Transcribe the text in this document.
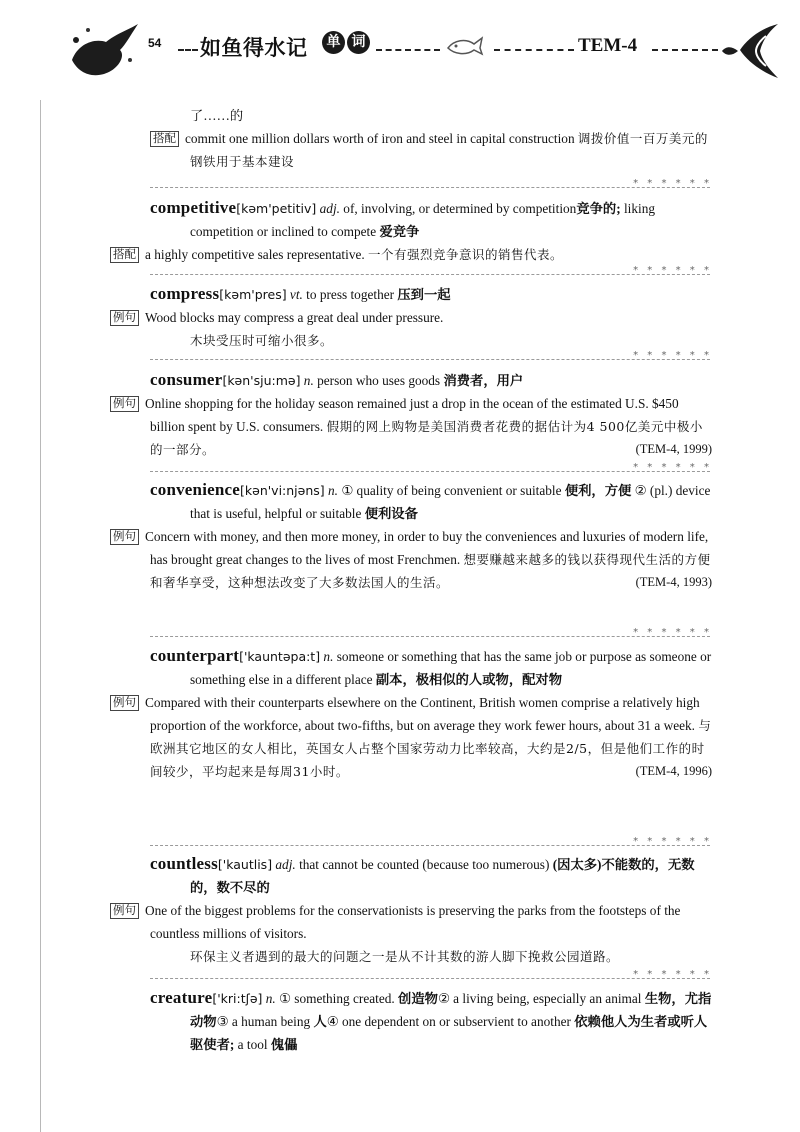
54 如鱼得水记	单 词	TEM-4
了……的
搭配 commit one million dollars worth of iron and steel in capital construction 调拨价值一百万美元的钢铁用于基本建设
* * * * * *
competitive[kəm'petitiv] adj. of, involving, or determined by competition竞争的; liking competition or inclined to compete 爱竞争
搭配 a highly competitive sales representative. 一个有强烈竞争意识的销售代表。
* * * * * *
compress[kəm'pres] vt. to press together 压到一起
例句 Wood blocks may compress a great deal under pressure.
木块受压时可缩小很多。
* * * * * *
consumer[kən'sju:mə] n. person who uses goods 消费者，用户
例句 Online shopping for the holiday season remained just a drop in the ocean of the estimated U.S. $450 billion spent by U.S. consumers. 假期的网上购物是美国消费者花费的据估计为4 500亿美元中极小的一部分。	(TEM-4, 1999)
* * * * * *
convenience[kən'vi:njəns] n. ① quality of being convenient or suitable 便利，方便 ② (pl.) device that is useful, helpful or suitable 便利设备
例句 Concern with money, and then more money, in order to buy the conveniences and luxuries of modern life, has brought great changes to the lives of most Frenchmen. 想要赚越来越多的钱以获得现代生活的方便和奢华享受，这种想法改变了大多数法国人的生活。	(TEM-4, 1993)
* * * * * *
counterpart['kauntəpa:t] n. someone or something that has the same job or purpose as someone or something else in a different place 副本，极相似的人或物，配对物
例句 Compared with their counterparts elsewhere on the Continent, British women comprise a relatively high proportion of the workforce, about two-fifths, but on average they work fewer hours, about 31 a week. 与欧洲其它地区的女人相比，英国女人占整个国家劳动力比率较高，大约是2/5，但是他们工作的时间较少，平均起来是每周31小时。	(TEM-4, 1996)
* * * * * *
countless['kautlis] adj. that cannot be counted (because too numerous) (因太多)不能数的，无数的，数不尽的
例句 One of the biggest problems for the conservationists is preserving the parks from the footsteps of the countless millions of visitors.
环保主义者遇到的最大的问题之一是从不计其数的游人脚下挽救公园道路。
* * * * * *
creature['kri:tʃə] n. ① something created. 创造物② a living being, especially an animal 生物，尤指动物③ a human being 人④ one dependent on or subservient to another 依赖他人为生者或听人驱使者; a tool 傀儡
